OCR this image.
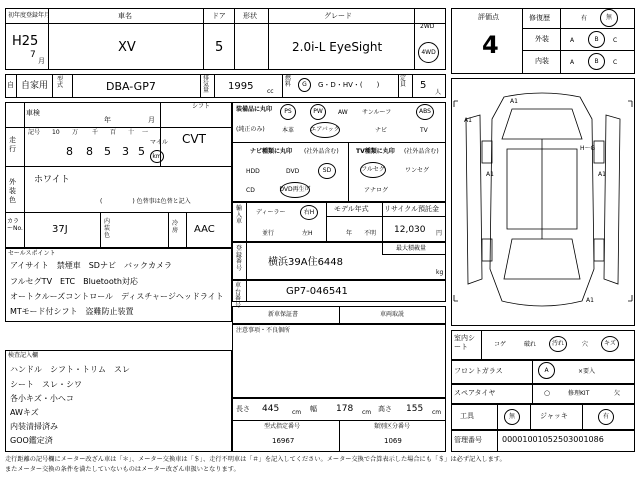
初年度登録年月
H25
7
月
車名
XV
ドア
5
形状	グレード
2.0i-L EyeSight
2WD
4WD
自 自家用
型式	DBA-GP7
排気量 1995 cc
燃料	G	G・D・HV・(　　)
定員 5
人
車検
年	月
走行
記号 10 万 千 百 十 一
8 8 5 3 5
マイル
km
シフト
CVT
外装色
ホワイト
(　　　　　) 色替事は色替と記入
カラーNo.	37J
内装色
冷房	AAC
装備品に丸印
(純正のみ)
PS	PW	AW サンルーフ	ABS
本革	エアバック	ナビ	TV
ナビ種類に丸印 (社外品含む)
HDD	DVD	SD
CD	DVD再生可
TV種類に丸印 (社外品含む)
フルセグ	ワンセグ
アナログ
輸入車
ディーラー	右H
並行	左H
モデル年式
年 不明
リサイクル預託金
12,030 円
最大積載量
kg
登録番号
横浜39A住6448
車台番号
GP7-046541
セールスポイント
アイサイト　禁煙車　SDナビ　バックカメラ
フルセグTV　ETC　Bluetooth対応
オートクルーズコントロール　ディスチャージヘッドライト
MTモード付シフト　盗難防止装置	新車保証書	車両取説
注意事項・不良個所
検査記入欄
ハンドル　シフト・トリム　スレ
シート　スレ・シワ
各小キズ・小ヘコ
AWキズ
内装清掃済み
GOO鑑定済
長さ 445 cm 幅 178 cm 高さ 155 cm
型式指定番号
16967
類別区分番号
1069
評価点
4
修復歴	有	無
外装	A	B	C
内装	A	B	C
A1
A1
A1	A1
H〜G
A1
室内シート	コゲ	破れ	汚れ	穴	キズ
フロントガラス	A	×要入
スペアタイヤ	○	修理KIT	欠
工具	無	ジャッキ	有
管理番号	00001001052503001086
走行距離の記号欄にメーター改ざん車は「＊」、メーター交換車は「＄」、走行不明車は「＃」を記入してください。メーター交換で合算表示した場合にも「＄」は必ず記入します。
またメーター交換の条件を満たしていないものはメーター改ざん車扱いとなります。
